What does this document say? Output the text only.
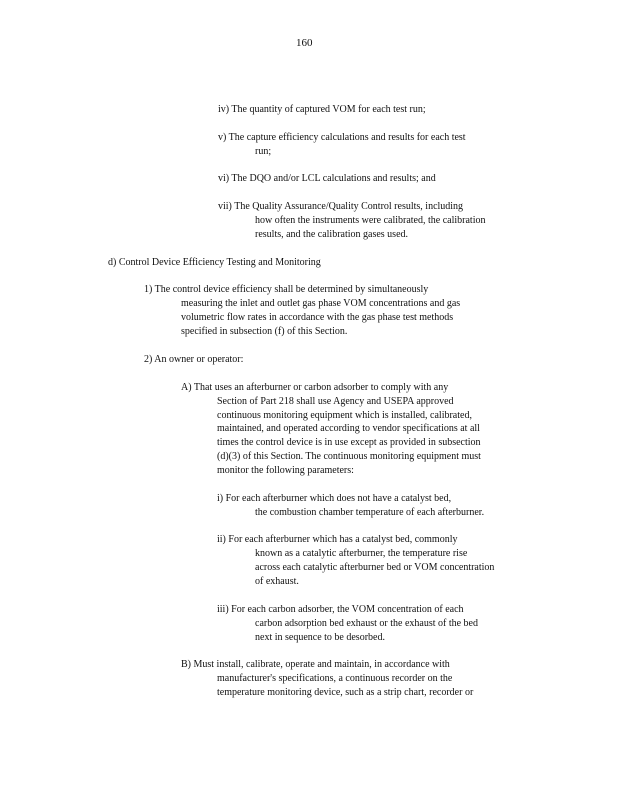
160
iv) The quantity of captured VOM for each test run;
v) The capture efficiency calculations and results for each test
run;
vi) The DQO and/or LCL calculations and results; and
vii) The Quality Assurance/Quality Control results, including
how often the instruments were calibrated, the calibration
results, and the calibration gases used.
d) Control Device Efficiency Testing and Monitoring
1) The control device efficiency shall be determined by simultaneously
measuring the inlet and outlet gas phase VOM concentrations and gas
volumetric flow rates in accordance with the gas phase test methods
specified in subsection (f) of this Section.
2) An owner or operator:
A) That uses an afterburner or carbon adsorber to comply with any
Section of Part 218 shall use Agency and USEPA approved
continuous monitoring equipment which is installed, calibrated,
maintained, and operated according to vendor specifications at all
times the control device is in use except as provided in subsection
(d)(3) of this Section. The continuous monitoring equipment must
monitor the following parameters:
i) For each afterburner which does not have a catalyst bed,
the combustion chamber temperature of each afterburner.
ii) For each afterburner which has a catalyst bed, commonly
known as a catalytic afterburner, the temperature rise
across each catalytic afterburner bed or VOM concentration
of exhaust.
iii) For each carbon adsorber, the VOM concentration of each
carbon adsorption bed exhaust or the exhaust of the bed
next in sequence to be desorbed.
B) Must install, calibrate, operate and maintain, in accordance with
manufacturer's specifications, a continuous recorder on the
temperature monitoring device, such as a strip chart, recorder or
